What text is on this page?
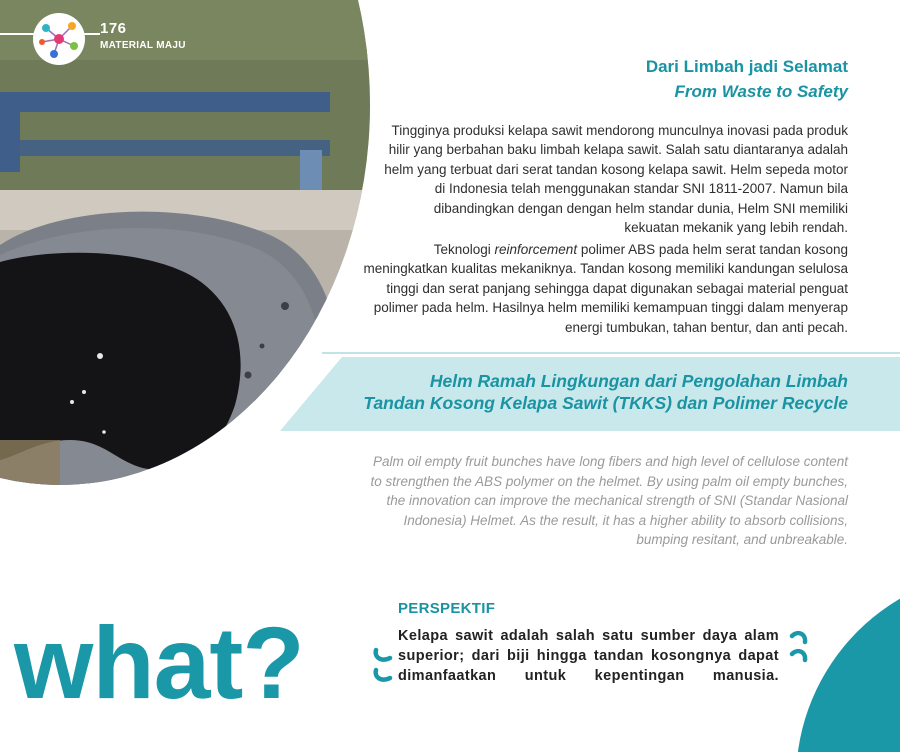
176
MATERIAL MAJU
Dari Limbah jadi Selamat
From Waste to Safety
Tingginya produksi kelapa sawit mendorong munculnya inovasi pada produk hilir yang berbahan baku limbah kelapa sawit. Salah satu diantaranya adalah helm yang terbuat dari serat tandan kosong kelapa sawit. Helm sepeda motor di Indonesia telah menggunakan standar SNI 1811-2007. Namun bila dibandingkan dengan dengan helm standar dunia, Helm SNI memiliki kekuatan mekanik yang lebih rendah.
Teknologi reinforcement polimer ABS pada helm serat tandan kosong meningkatkan kualitas mekaniknya. Tandan kosong memiliki kandungan selulosa tinggi dan serat panjang sehingga dapat digunakan sebagai material penguat polimer pada helm. Hasilnya helm memiliki kemampuan tinggi dalam menyerap energi tumbukan, tahan bentur, dan anti pecah.
Helm Ramah Lingkungan dari Pengolahan Limbah
Tandan Kosong Kelapa Sawit (TKKS) dan Polimer Recycle
Palm oil empty fruit bunches have long fibers and high level of cellulose content to strengthen the ABS polymer on the helmet. By using palm oil empty bunches, the innovation can improve the mechanical strength of SNI (Standar Nasional Indonesia) Helmet. As the result, it has a higher ability to absorb collisions, bumping resitant, and unbreakable.
what?	PERSPEKTIF
Kelapa sawit adalah salah satu sumber daya alam superior; dari biji hingga tandan kosongnya dapat dimanfaatkan untuk kepentingan manusia.
